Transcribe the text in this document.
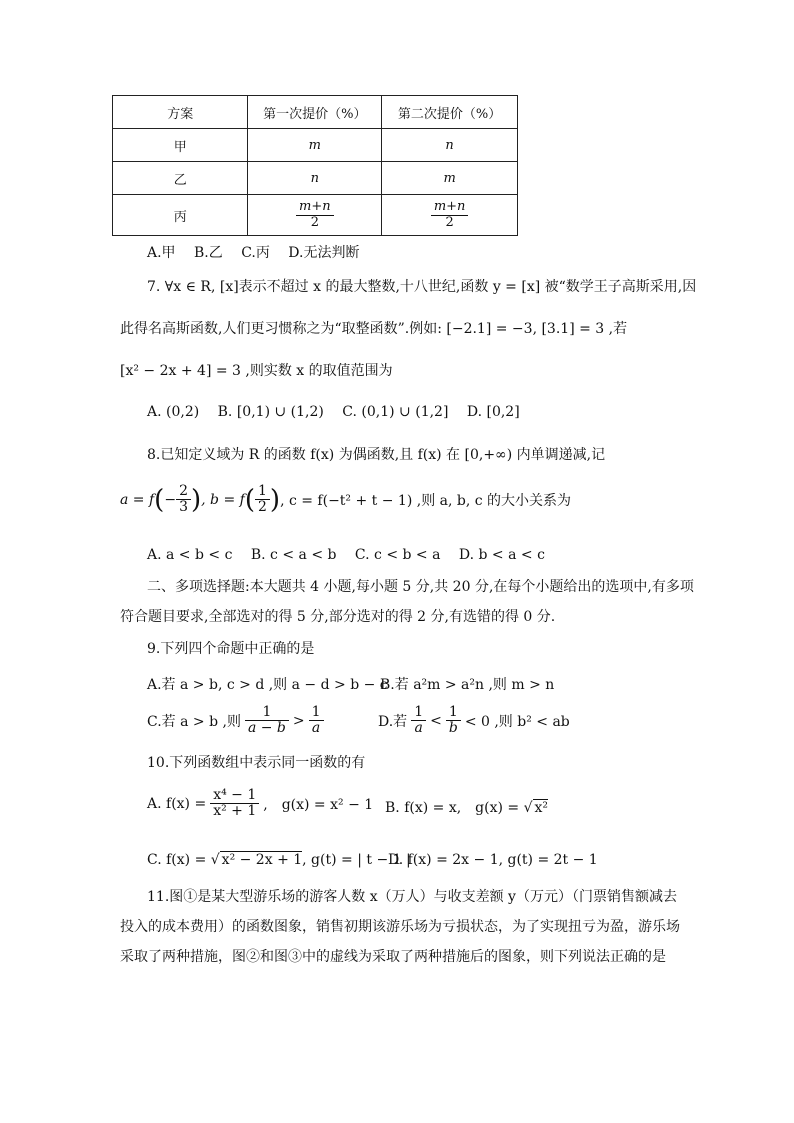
方案	第一次提价（%）	第二次提价（%）
甲	m	n
乙	n	m
丙	$\frac{m+n}{2}$	$\frac{m+n}{2}$
A.甲　 B.乙　 C.丙　 D.无法判断
7. ∀x ∈ R, [x]表示不超过 x 的最大整数,十八世纪,函数 y = [x] 被“数学王子高斯采用,因
此得名高斯函数,人们更习惯称之为“取整函数”.例如: [−2.1] = −3, [3.1] = 3 ,若
[x² − 2x + 4] = 3 ,则实数 x 的取值范围为
A. (0,2)　 B. [0,1) ∪ (1,2)　 C. (0,1) ∪ (1,2]　 D. [0,2]
8.已知定义域为 R 的函数 f(x) 为偶函数,且 f(x) 在 [0,+∞) 内单调递减,记
a = f ( − $\frac{2}{3}$ ) , b = f ( $\frac{1}{2}$ ) , c = f(−t² + t − 1) ,则 a, b, c 的大小关系为
A. a < b < c　 B. c < a < b　 C. c < b < a　 D. b < a < c
二、多项选择题:本大题共 4 小题,每小题 5 分,共 20 分,在每个小题给出的选项中,有多项
符合题目要求,全部选对的得 5 分,部分选对的得 2 分,有选错的得 0 分.
9.下列四个命题中正确的是
A.若 a > b, c > d ,则 a − d > b − c
B.若 a²m > a²n ,则 m > n
C.若 a > b ,则 $\frac{1}{a - b} > \frac{1}{a}$	D.若 $\frac{1}{a} < \frac{1}{b} < 0$ ,则 b² < ab
10.下列函数组中表示同一函数的有
A. $f(x) = \frac{\text{x⁴ − 1}}{\text{x² + 1}}$ ,　g(x) = x² − 1 B. f(x) = x,　g(x) = √ x²
C. f(x) = √ x² − 2x + 1, g(t) = | t − 1 |
D. f(x) = 2x − 1, g(t) = 2t − 1
11.图①是某大型游乐场的游客人数 x（万人）与收支差额 y（万元）（门票销售额减去
投入的成本费用）的函数图象，销售初期该游乐场为亏损状态，为了实现扭亏为盈，游乐场
采取了两种措施，图②和图③中的虚线为采取了两种措施后的图象，则下列说法正确的是
